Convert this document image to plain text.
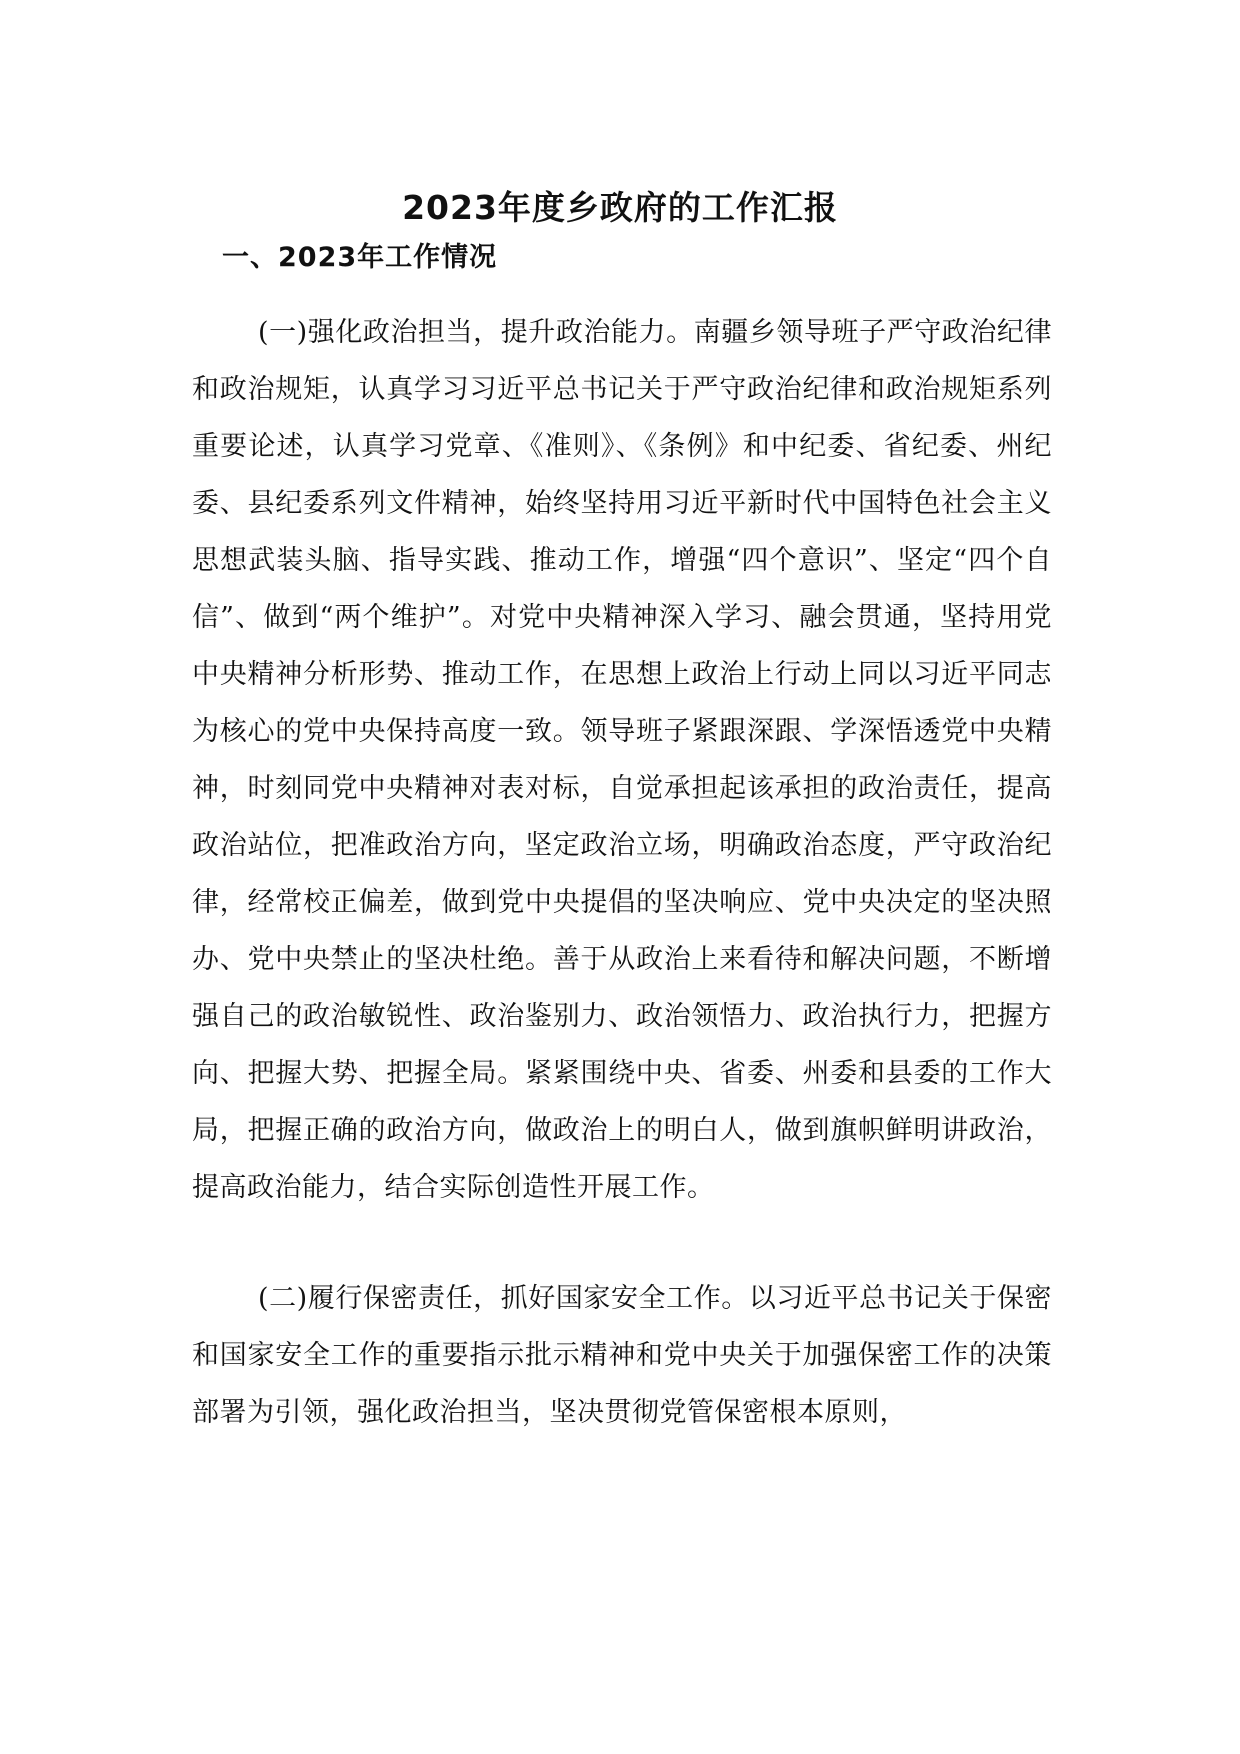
2023年度乡政府的工作汇报
一、2023年工作情况

(一)强化政治担当，提升政治能力。南疆乡领导班子严守政治纪律和政治规矩，认真学习习近平总书记关于严守政治纪律和政治规矩系列重要论述，认真学习党章、《准则》、《条例》和中纪委、省纪委、州纪委、县纪委系列文件精神，始终坚持用习近平新时代中国特色社会主义思想武装头脑、指导实践、推动工作，增强“四个意识”、坚定“四个自信”、做到“两个维护”。对党中央精神深入学习、融会贯通，坚持用党中央精神分析形势、推动工作，在思想上政治上行动上同以习近平同志为核心的党中央保持高度一致。领导班子紧跟深跟、学深悟透党中央精神，时刻同党中央精神对表对标，自觉承担起该承担的政治责任，提高政治站位，把准政治方向，坚定政治立场，明确政治态度，严守政治纪律，经常校正偏差，做到党中央提倡的坚决响应、党中央决定的坚决照办、党中央禁止的坚决杜绝。善于从政治上来看待和解决问题，不断增强自己的政治敏锐性、政治鉴别力、政治领悟力、政治执行力，把握方向、把握大势、把握全局。紧紧围绕中央、省委、州委和县委的工作大局，把握正确的政治方向，做政治上的明白人，做到旗帜鲜明讲政治，提高政治能力，结合实际创造性开展工作。

(二)履行保密责任，抓好国家安全工作。以习近平总书记关于保密和国家安全工作的重要指示批示精神和党中央关于加强保密工作的决策部署为引领，强化政治担当，坚决贯彻党管保密根本原则，
